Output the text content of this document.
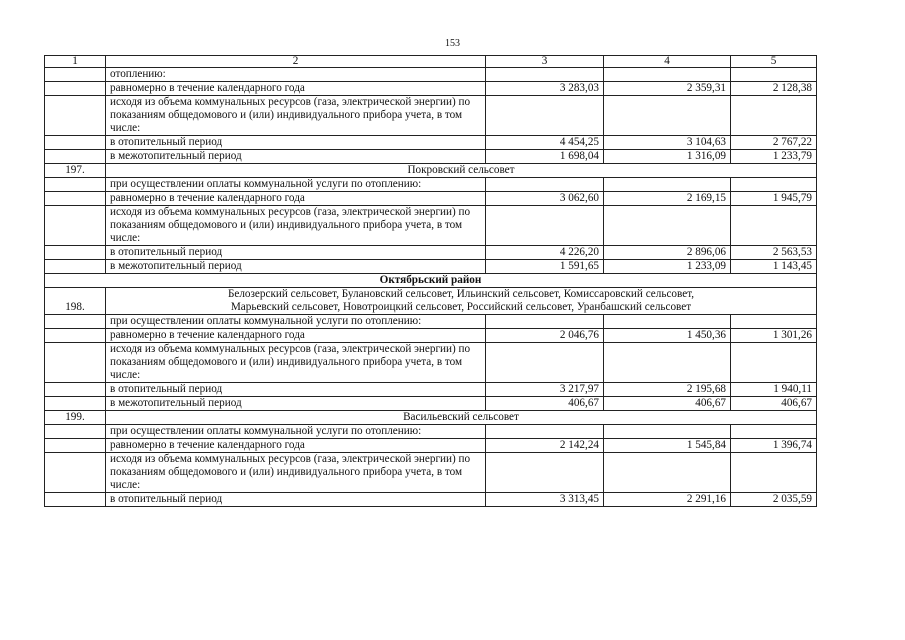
153
1	2	3	4	5
	отоплению:			
	равномерно в течение календарного года	3 283,03	2 359,31	2 128,38
	исходя из объема коммунальных ресурсов (газа, электрической энергии) по показаниям общедомового и (или) индивидуального прибора учета, в том числе:			
	в отопительный период	4 454,25	3 104,63	2 767,22
	в межотопительный период	1 698,04	1 316,09	1 233,79
197.	Покровский сельсовет			
	при осуществлении оплаты коммунальной услуги по отоплению:			
	равномерно в течение календарного года	3 062,60	2 169,15	1 945,79
	исходя из объема коммунальных ресурсов (газа, электрической энергии) по показаниям общедомового и (или) индивидуального прибора учета, в том числе:			
	в отопительный период	4 226,20	2 896,06	2 563,53
	в межотопительный период	1 591,65	1 233,09	1 143,45
Октябрьский район				
198.	Белозерский сельсовет, Булановский сельсовет, Ильинский сельсовет, Комиссаровский сельсовет,
Марьевский сельсовет, Новотроицкий сельсовет, Российский сельсовет, Уранбашский сельсовет			

	при осуществлении оплаты коммунальной услуги по отоплению:			
	равномерно в течение календарного года	2 046,76	1 450,36	1 301,26
	исходя из объема коммунальных ресурсов (газа, электрической энергии) по показаниям общедомового и (или) индивидуального прибора учета, в том числе:			
	в отопительный период	3 217,97	2 195,68	1 940,11
	в межотопительный период	406,67	406,67	406,67
199.	Васильевский сельсовет			
	при осуществлении оплаты коммунальной услуги по отоплению:			
	равномерно в течение календарного года	2 142,24	1 545,84	1 396,74
	исходя из объема коммунальных ресурсов (газа, электрической энергии) по показаниям общедомового и (или) индивидуального прибора учета, в том числе:			
	в отопительный период	3 313,45	2 291,16	2 035,59
